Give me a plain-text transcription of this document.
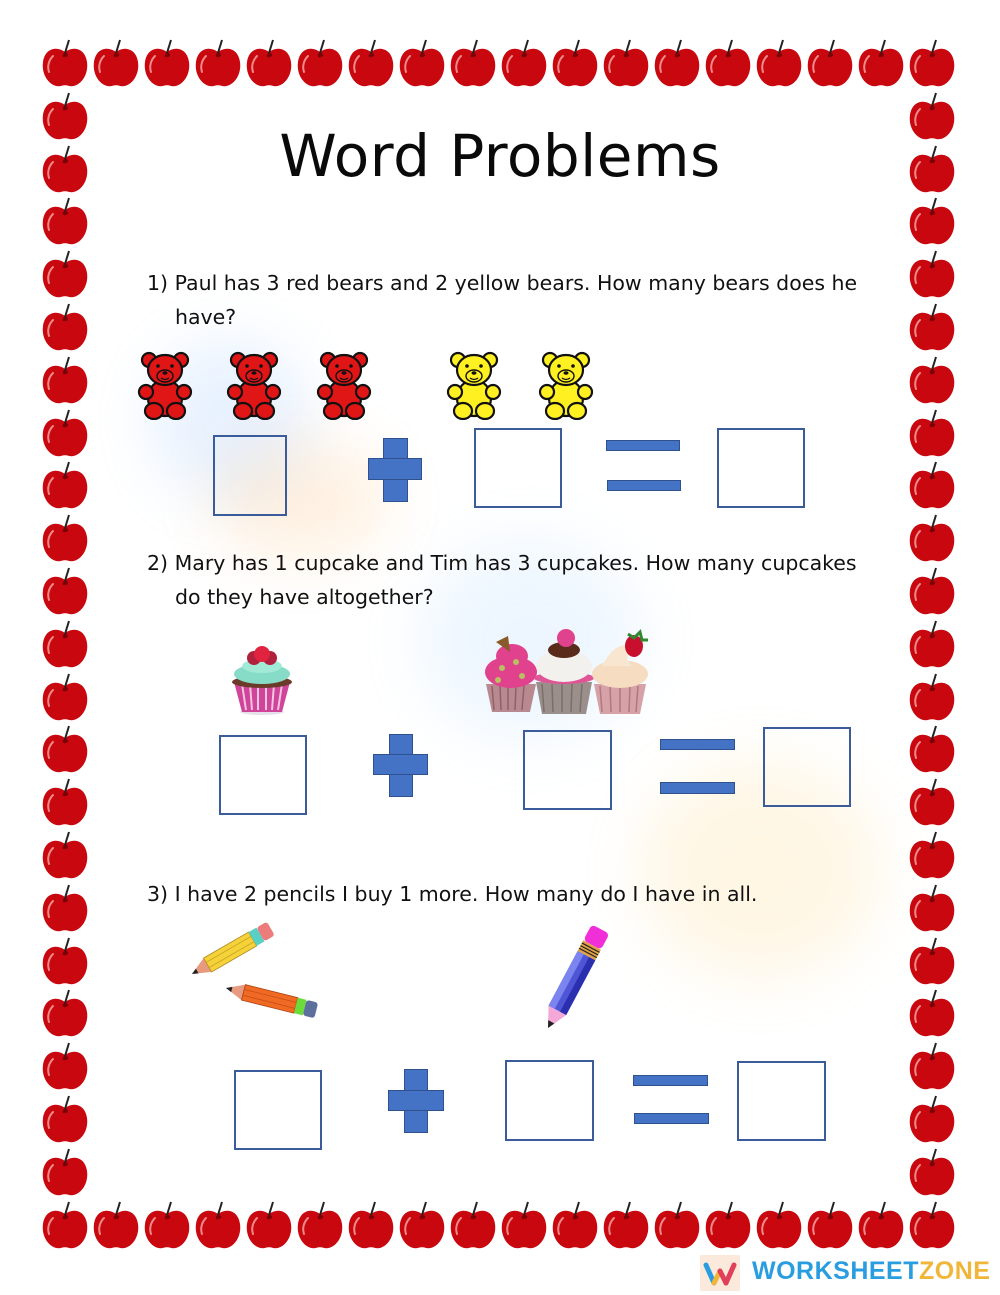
Word Problems
1) Paul has 3 red bears and 2 yellow bears. How many bears does he
have?
2) Mary has 1 cupcake and Tim has 3 cupcakes. How many cupcakes
do they have altogether?
3) I have 2 pencils I buy 1 more. How many do I have in all.
WORKSHEETZONE
